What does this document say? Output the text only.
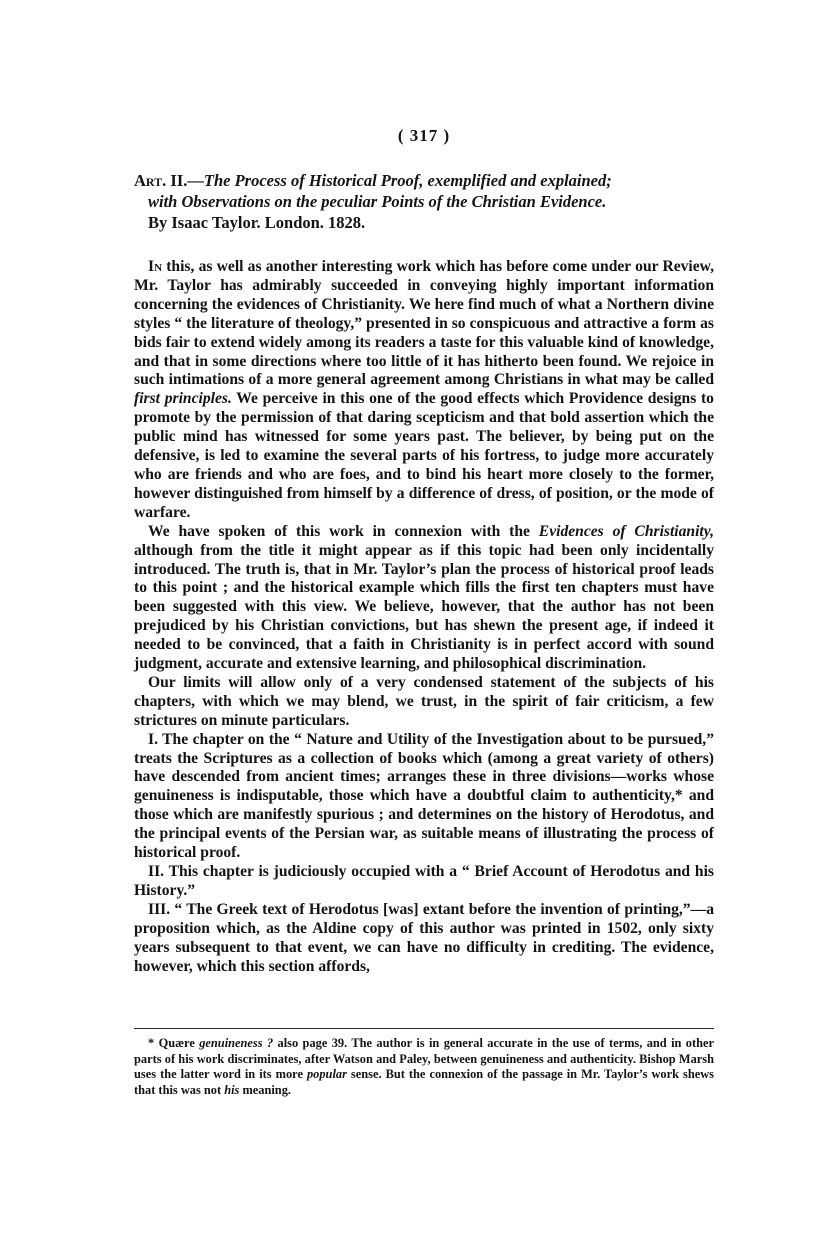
( 317 )
Art. II.—The Process of Historical Proof, exemplified and explained;
with Observations on the peculiar Points of the Christian Evidence.
By Isaac Taylor. London. 1828.

In this, as well as another interesting work which has before come under our Review, Mr. Taylor has admirably succeeded in conveying highly important information concerning the evidences of Christianity. We here find much of what a Northern divine styles “ the literature of theology,” presented in so conspicuous and attractive a form as bids fair to extend widely among its readers a taste for this valuable kind of knowledge, and that in some directions where too little of it has hitherto been found. We rejoice in such intimations of a more general agreement among Christians in what may be called first principles. We perceive in this one of the good effects which Providence designs to promote by the permission of that daring scepticism and that bold assertion which the public mind has witnessed for some years past. The believer, by being put on the defensive, is led to examine the several parts of his fortress, to judge more accurately who are friends and who are foes, and to bind his heart more closely to the former, however distinguished from himself by a difference of dress, of position, or the mode of warfare.

We have spoken of this work in connexion with the Evidences of Christianity, although from the title it might appear as if this topic had been only incidentally introduced. The truth is, that in Mr. Taylor’s plan the process of historical proof leads to this point ; and the historical example which fills the first ten chapters must have been suggested with this view. We believe, however, that the author has not been prejudiced by his Christian convictions, but has shewn the present age, if indeed it needed to be convinced, that a faith in Christianity is in perfect accord with sound judgment, accurate and extensive learning, and philosophical discrimination.

Our limits will allow only of a very condensed statement of the subjects of his chapters, with which we may blend, we trust, in the spirit of fair criticism, a few strictures on minute particulars.

I. The chapter on the “ Nature and Utility of the Investigation about to be pursued,” treats the Scriptures as a collection of books which (among a great variety of others) have descended from ancient times; arranges these in three divisions—works whose genuineness is indisputable, those which have a doubtful claim to authenticity,* and those which are manifestly spurious ; and determines on the history of Herodotus, and the principal events of the Persian war, as suitable means of illustrating the process of historical proof.

II. This chapter is judiciously occupied with a “ Brief Account of Herodotus and his History.”

III. “ The Greek text of Herodotus [was] extant before the invention of printing,”—a proposition which, as the Aldine copy of this author was printed in 1502, only sixty years subsequent to that event, we can have no difficulty in crediting. The evidence, however, which this section affords,

* Quære genuineness ? also page 39. The author is in general accurate in the use of terms, and in other parts of his work discriminates, after Watson and Paley, between genuineness and authenticity. Bishop Marsh uses the latter word in its more popular sense. But the connexion of the passage in Mr. Taylor’s work shews that this was not his meaning.
